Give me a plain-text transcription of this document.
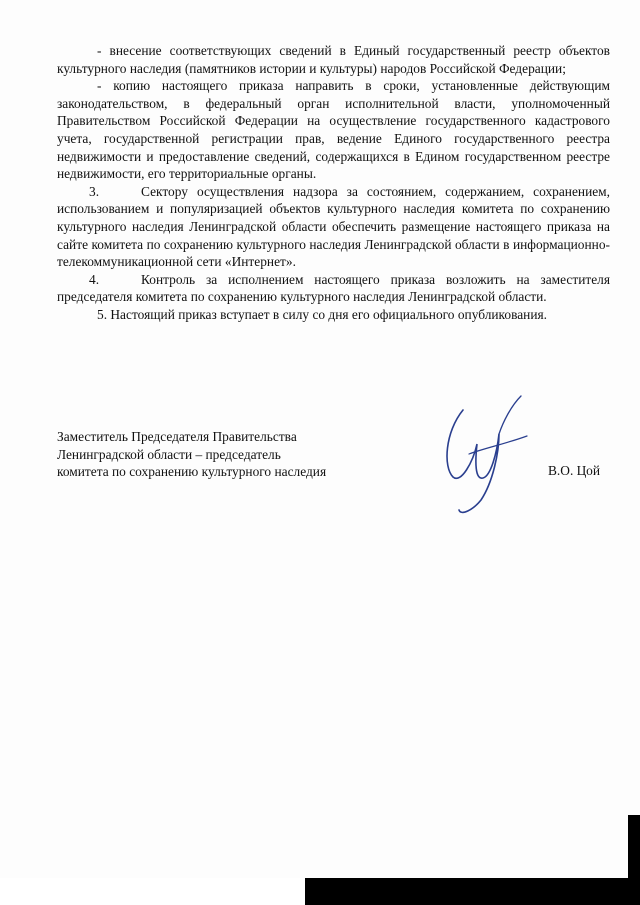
- внесение соответствующих сведений в Единый государственный реестр объектов культурного наследия (памятников истории и культуры) народов Российской Федерации;

- копию настоящего приказа направить в сроки, установленные действующим законодательством, в федеральный орган исполнительной власти, уполномоченный Правительством Российской Федерации на осуществление государственного кадастрового учета, государственной регистрации прав, ведение Единого государственного реестра недвижимости и предоставление сведений, содержащихся в Едином государственном реестре недвижимости, его территориальные органы.

3.	Сектору осуществления надзора за состоянием, содержанием, сохранением, использованием и популяризацией объектов культурного наследия комитета по сохранению культурного наследия Ленинградской области обеспечить размещение настоящего приказа на сайте комитета по сохранению культурного наследия Ленинградской области в информационно-телекоммуникационной сети «Интернет».

4.	Контроль за исполнением настоящего приказа возложить на заместителя председателя комитета по сохранению культурного наследия Ленинградской области.

5. Настоящий приказ вступает в силу со дня его официального опубликования.

Заместитель Председателя Правительства
Ленинградской области – председатель
комитета по сохранению культурного наследия	В.О. Цой
